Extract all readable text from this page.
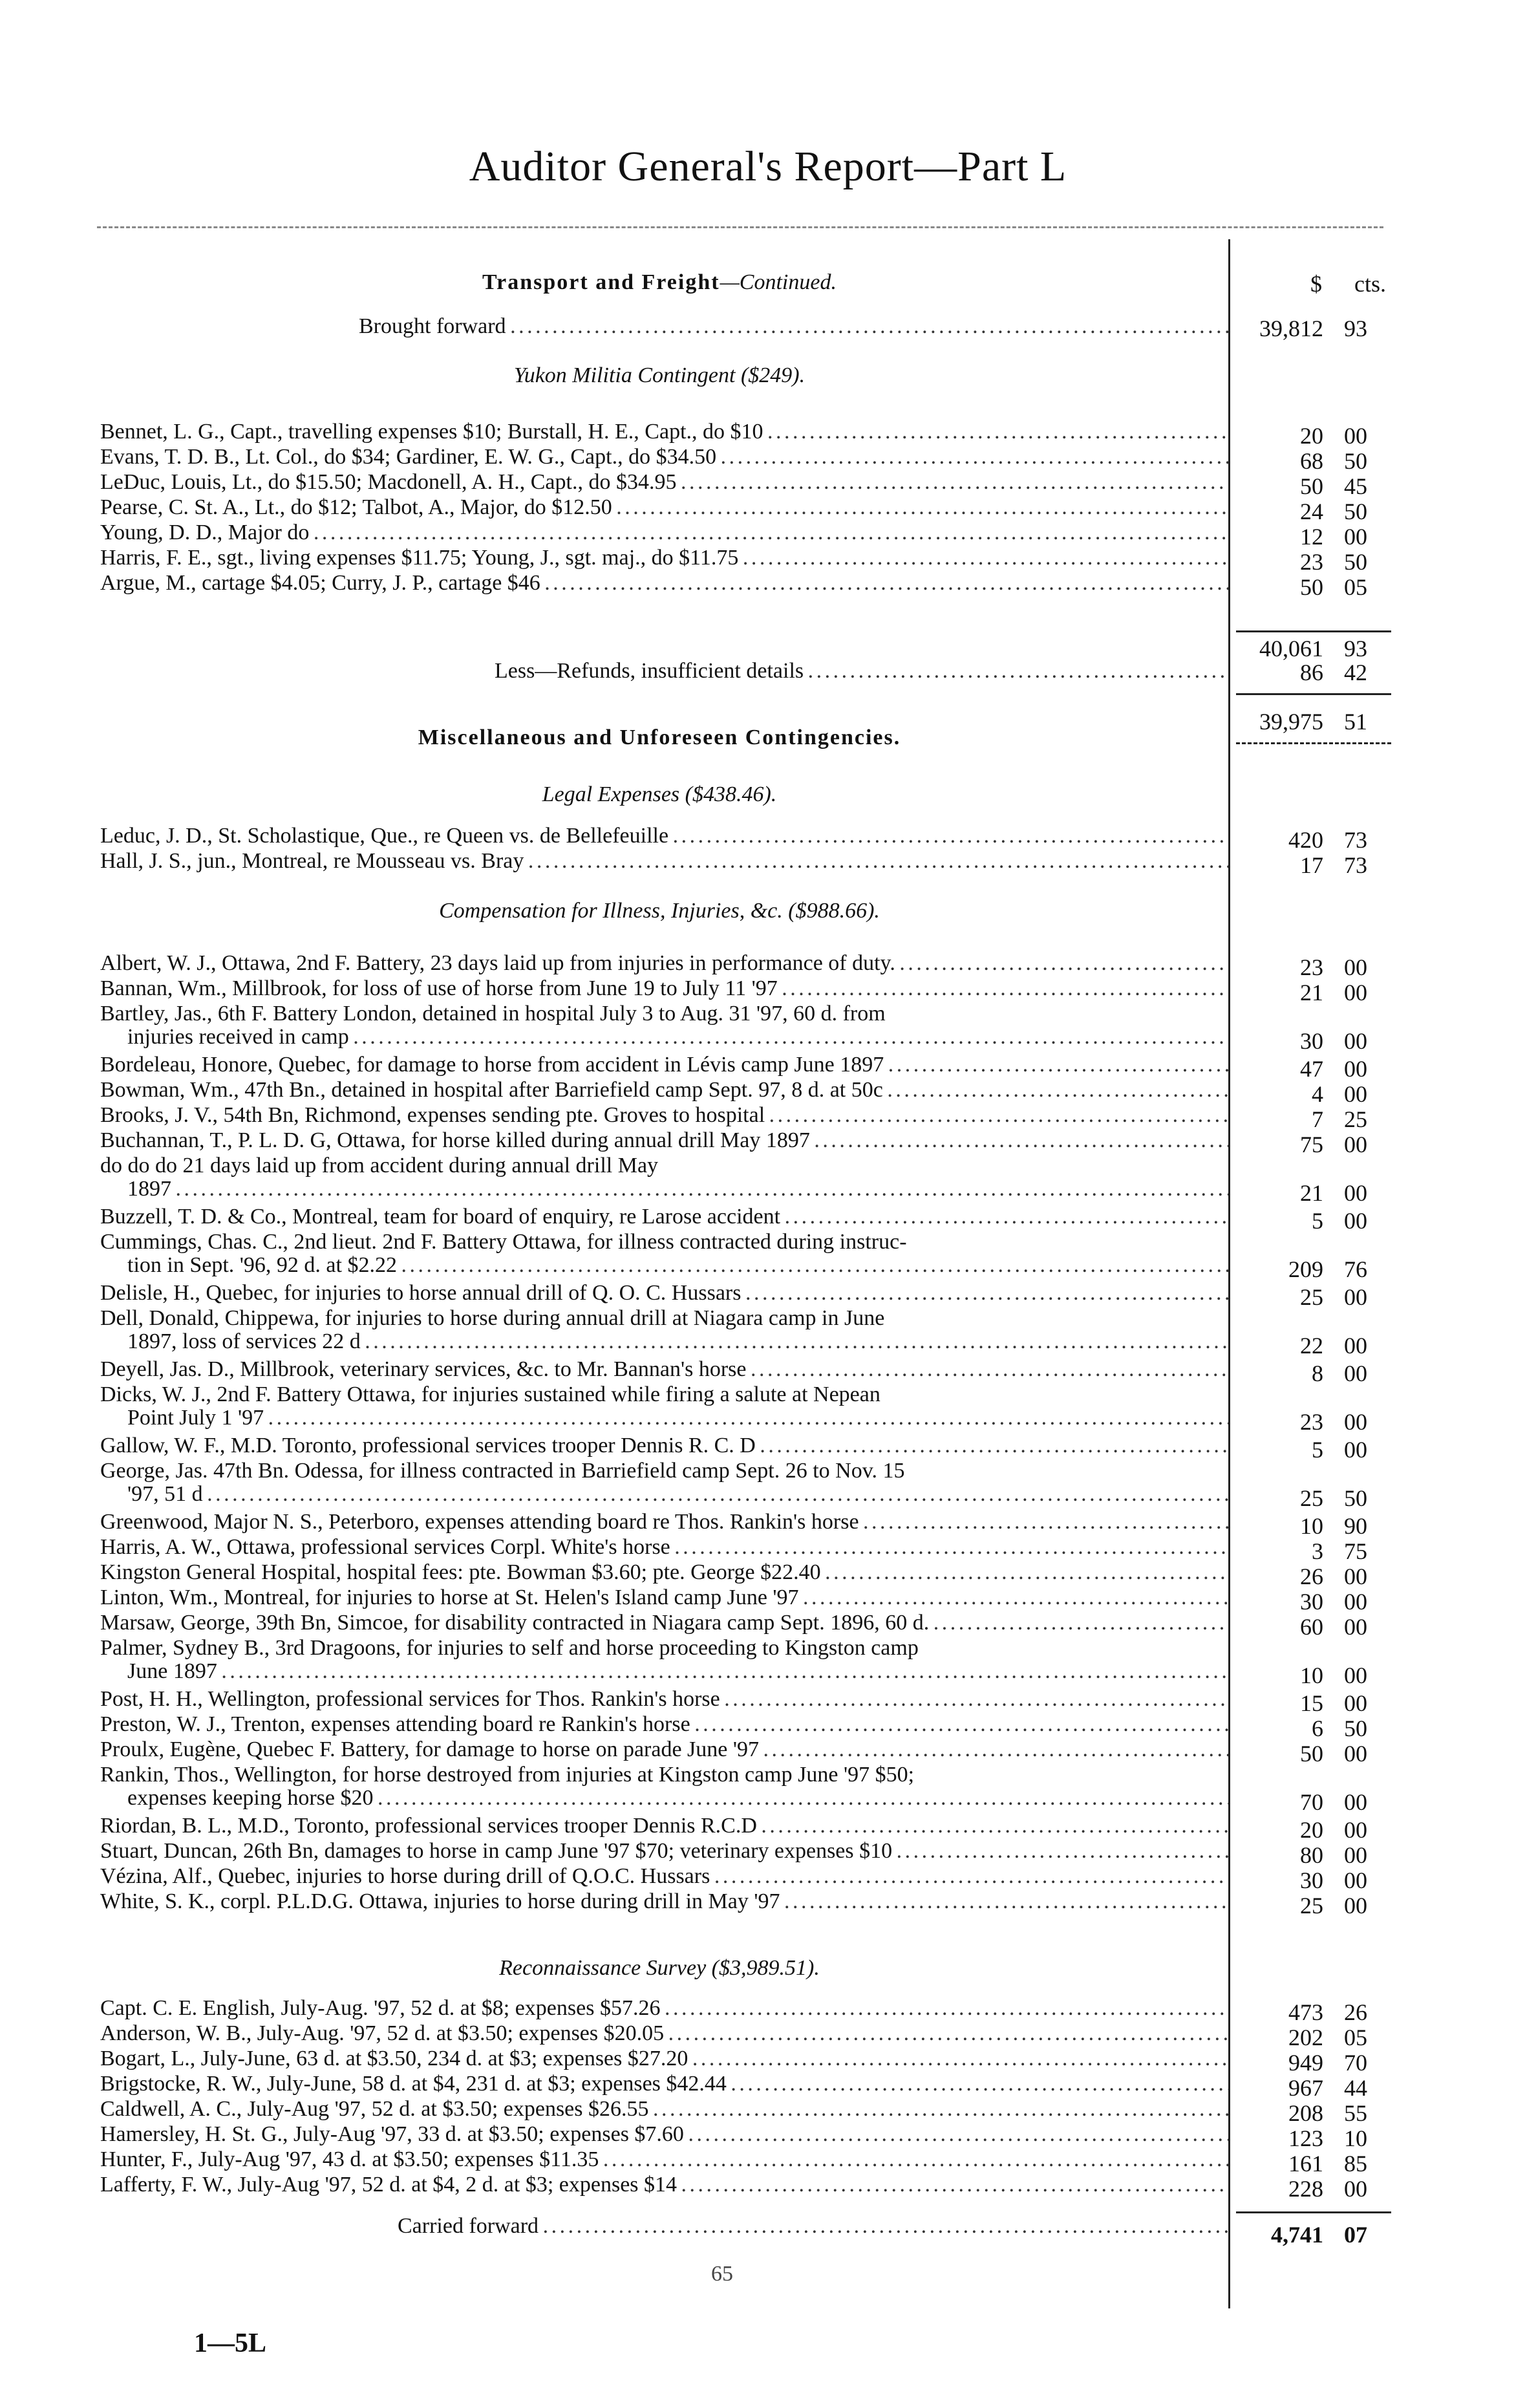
Auditor General's Report—Part L
$ cts.
Transport and Freight—Continued.
Brought forward . . .	39,812 93
Yukon Militia Contingent ($249).
Bennet, L. G., Capt., travelling expenses $10; Burstall, H. E., Capt., do $10 . . .	20 00
Evans, T. D. B., Lt. Col., do $34; Gardiner, E. W. G., Capt., do $34.50 . . .	68 50
LeDuc, Louis, Lt., do $15.50; Macdonell, A. H., Capt., do $34.95 . . .	50 45
Pearse, C. St. A., Lt., do $12; Talbot, A., Major, do $12.50 . . .	24 50
Young, D. D., Major do . . .	12 00
Harris, F. E., sgt., living expenses $11.75; Young, J., sgt. maj., do $11.75 . . .	23 50
Argue, M., cartage $4.05; Curry, J. P., cartage $46 . . .	50 05
40,061 93
Less—Refunds, insufficient details . . .	86 42
39,975 51
Miscellaneous and Unforeseen Contingencies.
Legal Expenses ($438.46).
Leduc, J. D., St. Scholastique, Que., re Queen vs. de Bellefeuille . . .	420 73
Hall, J. S., jun., Montreal, re Mousseau vs. Bray . . .	17 73
Compensation for Illness, Injuries, &c. ($988.66).
Albert, W. J., Ottawa, 2nd F. Battery, 23 days laid up from injuries in performance of duty. . . .	23 00
Bannan, Wm., Millbrook, for loss of use of horse from June 19 to July 11 '97 . . .	21 00
Bartley, Jas., 6th F. Battery London, detained in hospital July 3 to Aug. 31 '97, 60 d. from
injuries received in camp . . .	30 00
Bordeleau, Honore, Quebec, for damage to horse from accident in Lévis camp June 1897 . . .	47 00
Bowman, Wm., 47th Bn., detained in hospital after Barriefield camp Sept. 97, 8 d. at 50c . . .	4 00
Brooks, J. V., 54th Bn, Richmond, expenses sending pte. Groves to hospital . . .	7 25
Buchannan, T., P. L. D. G, Ottawa, for horse killed during annual drill May 1897 . . .	75 00
do do do 21 days laid up from accident during annual drill May
1897 . . .	21 00
Buzzell, T. D. & Co., Montreal, team for board of enquiry, re Larose accident . . .	5 00
Cummings, Chas. C., 2nd lieut. 2nd F. Battery Ottawa, for illness contracted during instruc-
tion in Sept. '96, 92 d. at $2.22 . . .	209 76
Delisle, H., Quebec, for injuries to horse annual drill of Q. O. C. Hussars . . .	25 00
Dell, Donald, Chippewa, for injuries to horse during annual drill at Niagara camp in June
1897, loss of services 22 d . . .	22 00
Deyell, Jas. D., Millbrook, veterinary services, &c. to Mr. Bannan's horse . . .	8 00
Dicks, W. J., 2nd F. Battery Ottawa, for injuries sustained while firing a salute at Nepean
Point July 1 '97 . . .	23 00
Gallow, W. F., M.D. Toronto, professional services trooper Dennis R. C. D . . .	5 00
George, Jas. 47th Bn. Odessa, for illness contracted in Barriefield camp Sept. 26 to Nov. 15
'97, 51 d . . .	25 50
Greenwood, Major N. S., Peterboro, expenses attending board re Thos. Rankin's horse . . .	10 90
Harris, A. W., Ottawa, professional services Corpl. White's horse . . .	3 75
Kingston General Hospital, hospital fees: pte. Bowman $3.60; pte. George $22.40 . . .	26 00
Linton, Wm., Montreal, for injuries to horse at St. Helen's Island camp June '97 . . .	30 00
Marsaw, George, 39th Bn, Simcoe, for disability contracted in Niagara camp Sept. 1896, 60 d. . . .	60 00
Palmer, Sydney B., 3rd Dragoons, for injuries to self and horse proceeding to Kingston camp
June 1897 . . .	10 00
Post, H. H., Wellington, professional services for Thos. Rankin's horse . . .	15 00
Preston, W. J., Trenton, expenses attending board re Rankin's horse . . .	6 50
Proulx, Eugène, Quebec F. Battery, for damage to horse on parade June '97 . . .	50 00
Rankin, Thos., Wellington, for horse destroyed from injuries at Kingston camp June '97 $50;
expenses keeping horse $20 . . .	70 00
Riordan, B. L., M.D., Toronto, professional services trooper Dennis R.C.D . . .	20 00
Stuart, Duncan, 26th Bn, damages to horse in camp June '97 $70; veterinary expenses $10 . . .	80 00
Vézina, Alf., Quebec, injuries to horse during drill of Q.O.C. Hussars . . .	30 00
White, S. K., corpl. P.L.D.G. Ottawa, injuries to horse during drill in May '97 . . .	25 00
Reconnaissance Survey ($3,989.51).
Capt. C. E. English, July-Aug. '97, 52 d. at $8; expenses $57.26 . . .	473 26
Anderson, W. B., July-Aug. '97, 52 d. at $3.50; expenses $20.05 . . .	202 05
Bogart, L., July-June, 63 d. at $3.50, 234 d. at $3; expenses $27.20 . . .	949 70
Brigstocke, R. W., July-June, 58 d. at $4, 231 d. at $3; expenses $42.44 . . .	967 44
Caldwell, A. C., July-Aug '97, 52 d. at $3.50; expenses $26.55 . . .	208 55
Hamersley, H. St. G., July-Aug '97, 33 d. at $3.50; expenses $7.60 . . .	123 10
Hunter, F., July-Aug '97, 43 d. at $3.50; expenses $11.35 . . .	161 85
Lafferty, F. W., July-Aug '97, 52 d. at $4, 2 d. at $3; expenses $14 . . .	228 00
Carried forward . . .	4,741 07
65
1—5L
